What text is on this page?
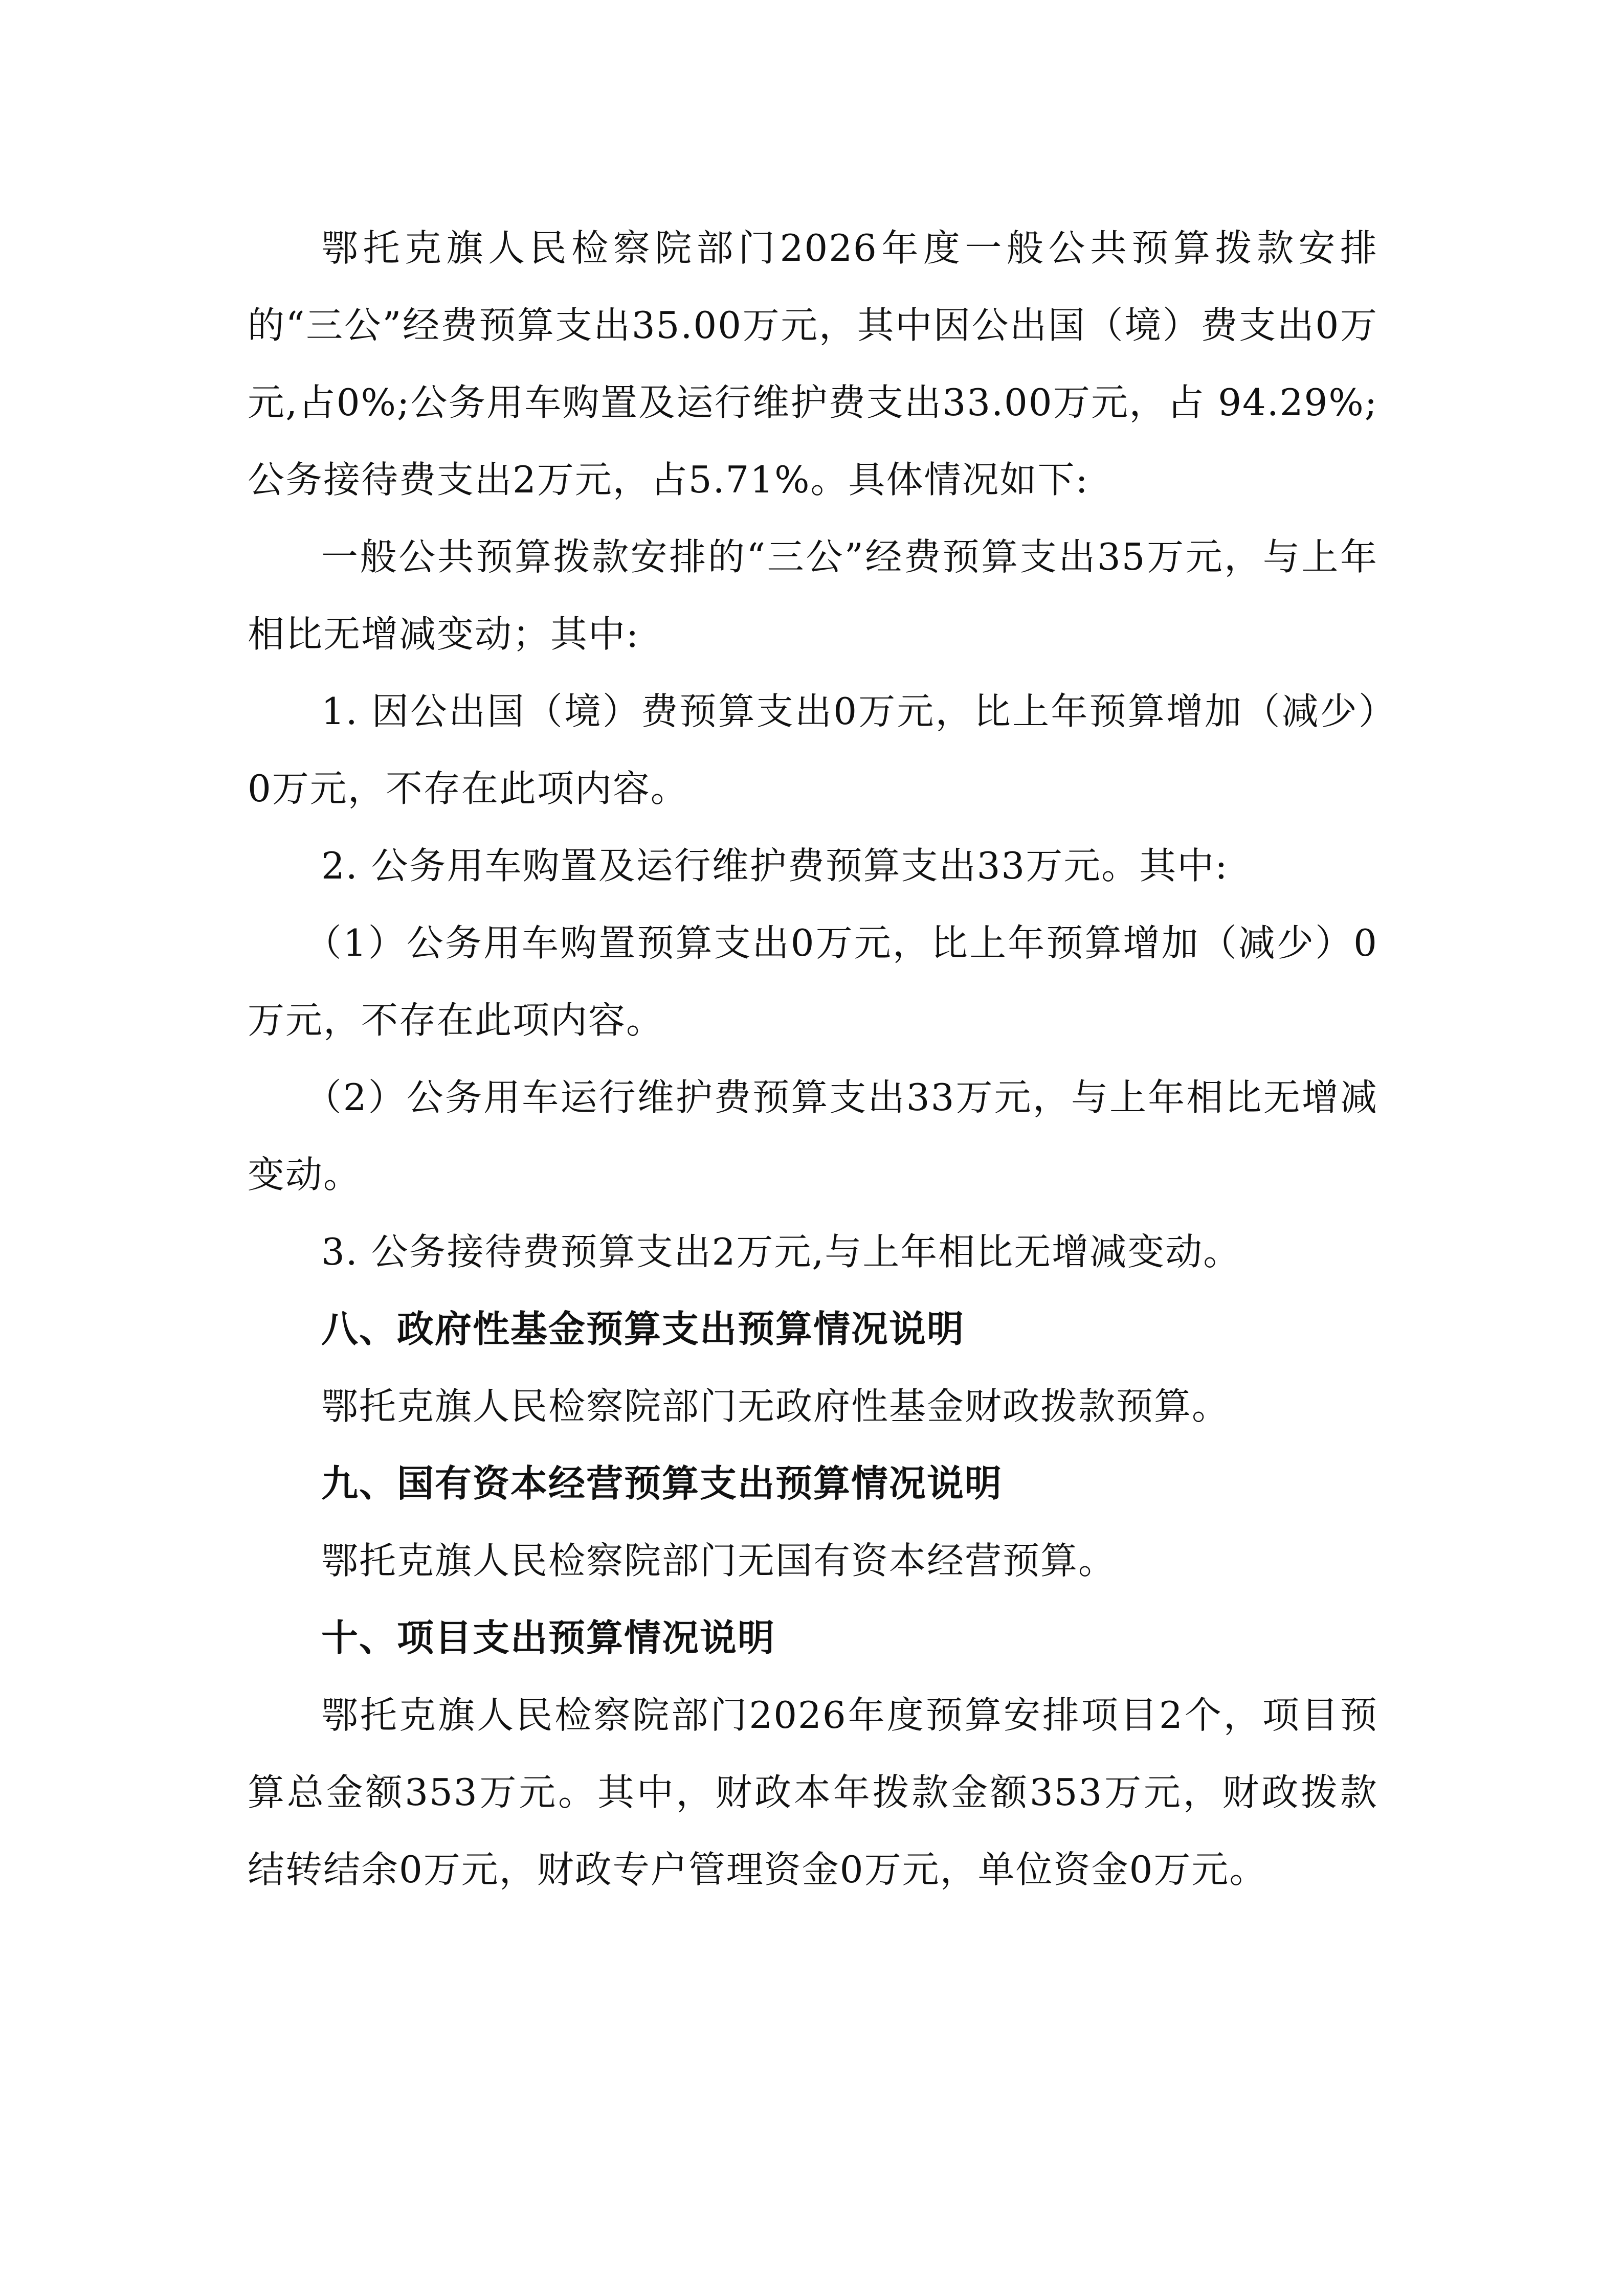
鄂托克旗人民检察院部门2026年度一般公共预算拨款安排的“三公”经费预算支出35.00万元，其中因公出国（境）费支出0万元,占0%;公务用车购置及运行维护费支出33.00万元，占 94.29%; 公务接待费支出2万元，占5.71%。具体情况如下:

一般公共预算拨款安排的“三公”经费预算支出35万元，与上年相比无增减变动；其中:

1. 因公出国（境）费预算支出0万元，比上年预算增加（减少）0万元，不存在此项内容。

2. 公务用车购置及运行维护费预算支出33万元。其中:

（1）公务用车购置预算支出0万元，比上年预算增加（减少）0万元，不存在此项内容。

（2）公务用车运行维护费预算支出33万元，与上年相比无增减变动。

3. 公务接待费预算支出2万元,与上年相比无增减变动。

八、政府性基金预算支出预算情况说明

鄂托克旗人民检察院部门无政府性基金财政拨款预算。

九、国有资本经营预算支出预算情况说明

鄂托克旗人民检察院部门无国有资本经营预算。

十、项目支出预算情况说明

鄂托克旗人民检察院部门2026年度预算安排项目2个，项目预算总金额353万元。其中，财政本年拨款金额353万元，财政拨款结转结余0万元，财政专户管理资金0万元，单位资金0万元。
